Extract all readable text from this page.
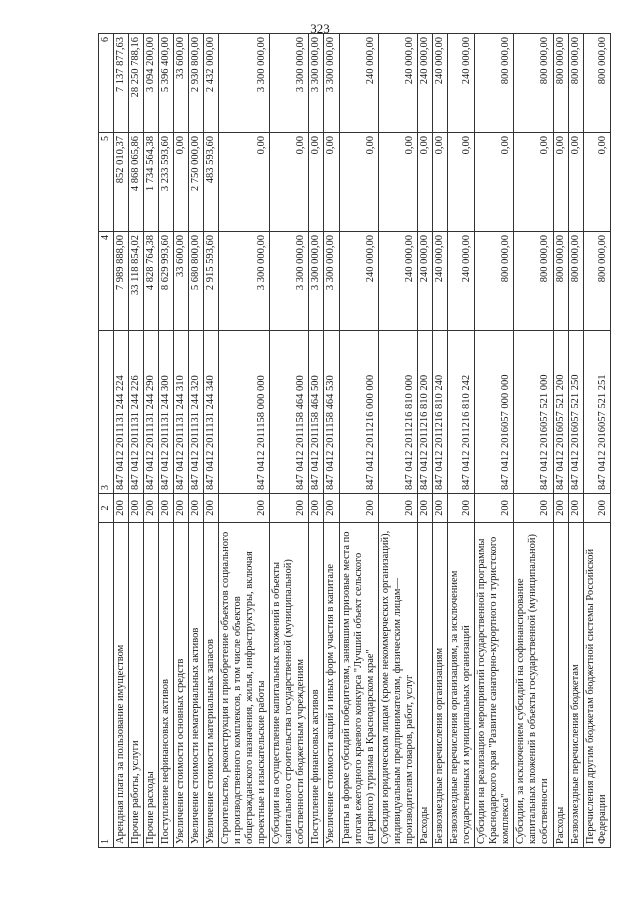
323
1	2	3	4	5	6
Арендная плата за пользование имуществом	200	847 0412 2011131 244 224	7 989 888,00	852 010,37	7 137 877,63
Прочие работы, услуги	200	847 0412 2011131 244 226	33 118 854,02	4 868 065,86	28 250 788,16
Прочие расходы	200	847 0412 2011131 244 290	4 828 764,38	1 734 564,38	3 094 200,00
Поступление нефинансовых активов	200	847 0412 2011131 244 300	8 629 993,60	3 233 593,60	5 396 400,00
Увеличение стоимости основных средств	200	847 0412 2011131 244 310	33 600,00	0,00	33 600,00
Увеличение стоимости нематериальных активов	200	847 0412 2011131 244 320	5 680 800,00	2 750 000,00	2 930 800,00
Увеличение стоимости материальных запасов	200	847 0412 2011131 244 340	2 915 593,60	483 593,60	2 432 000,00
Строительство, реконструкция и приобретение объектов социального и производственного комплексов, в том числе объектов общегражданского назначения, жилья, инфраструктуры, включая проектные и изыскательские работы	200	847 0412 2011158 000 000	3 300 000,00	0,00	3 300 000,00
Субсидии на осуществление капитальных вложений в объекты капитального строительства государственной (муниципальной) собственности бюджетным учреждениям	200	847 0412 2011158 464 000	3 300 000,00	0,00	3 300 000,00
Поступление финансовых активов	200	847 0412 2011158 464 500	3 300 000,00	0,00	3 300 000,00
Увеличение стоимости акций и иных форм участия в капитале	200	847 0412 2011158 464 530	3 300 000,00	0,00	3 300 000,00
Гранты в форме субсидий победителям, занявшим призовые места по итогам ежегодного краевого конкурса "Лучший объект сельского (аграрного) туризма в Краснодарском крае"	200	847 0412 2011216 000 000	240 000,00	0,00	240 000,00
Субсидии юридическим лицам (кроме некоммерческих организаций), индивидуальным предпринимателям, физическим лицам—производителям товаров, работ, услуг	200	847 0412 2011216 810 000	240 000,00	0,00	240 000,00
Расходы	200	847 0412 2011216 810 200	240 000,00	0,00	240 000,00
Безвозмездные перечисления организациям	200	847 0412 2011216 810 240	240 000,00	0,00	240 000,00
Безвозмездные перечисления организациям, за исключением государственных и муниципальных организаций	200	847 0412 2011216 810 242	240 000,00	0,00	240 000,00
Субсидии на реализацию мероприятий государственной программы Краснодарского края "Развитие санаторно-курортного и туристского комплекса"	200	847 0412 2016057 000 000	800 000,00	0,00	800 000,00
Субсидии, за исключением субсидий на софинансирование капитальных вложений в объекты государственной (муниципальной) собственности	200	847 0412 2016057 521 000	800 000,00	0,00	800 000,00
Расходы	200	847 0412 2016057 521 200	800 000,00	0,00	800 000,00
Безвозмездные перечисления бюджетам	200	847 0412 2016057 521 250	800 000,00	0,00	800 000,00
Перечисления другим бюджетам бюджетной системы Российской Федерации	200	847 0412 2016057 521 251	800 000,00	0,00	800 000,00
